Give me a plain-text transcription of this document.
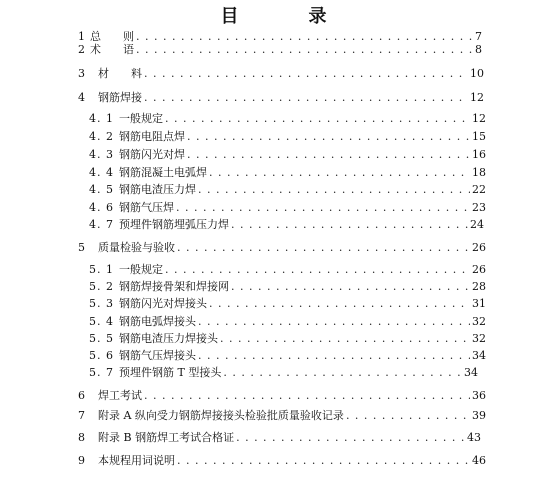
目　录
1 总　　则 . . .	7
2 术　　语 . . .	8
3	材　　料 . . .	10
4	钢筋焊接 . . .	12
4. 1 一般规定 . . .	12
4. 2 钢筋电阻点焊 . . .	15
4. 3 钢筋闪光对焊 . . .	16
4. 4 钢筋混凝土电弧焊 . . .	18
4. 5 钢筋电渣压力焊 . . .	22
4. 6 钢筋气压焊 . . .	23
4. 7 预埋件钢筋埋弧压力焊 . . .	24
5	质量检验与验收 . . .	26
5. 1 一般规定 . . .	26
5. 2 钢筋焊接骨架和焊接网 . . .	28
5. 3 钢筋闪光对焊接头 . . .	31
5. 4 钢筋电弧焊接头 . . .	32
5. 5 钢筋电渣压力焊接头 . . .	32
5. 6 钢筋气压焊接头 . . .	34
5. 7 预埋件钢筋 T 型接头 . . .	34
6	焊工考试 . . .	36
7	附录 A 纵向受力钢筋焊接接头检验批质量验收记录 . . .	39
8	附录 B 钢筋焊工考试合格证 . . .	43
9	本规程用词说明 . . .	46
